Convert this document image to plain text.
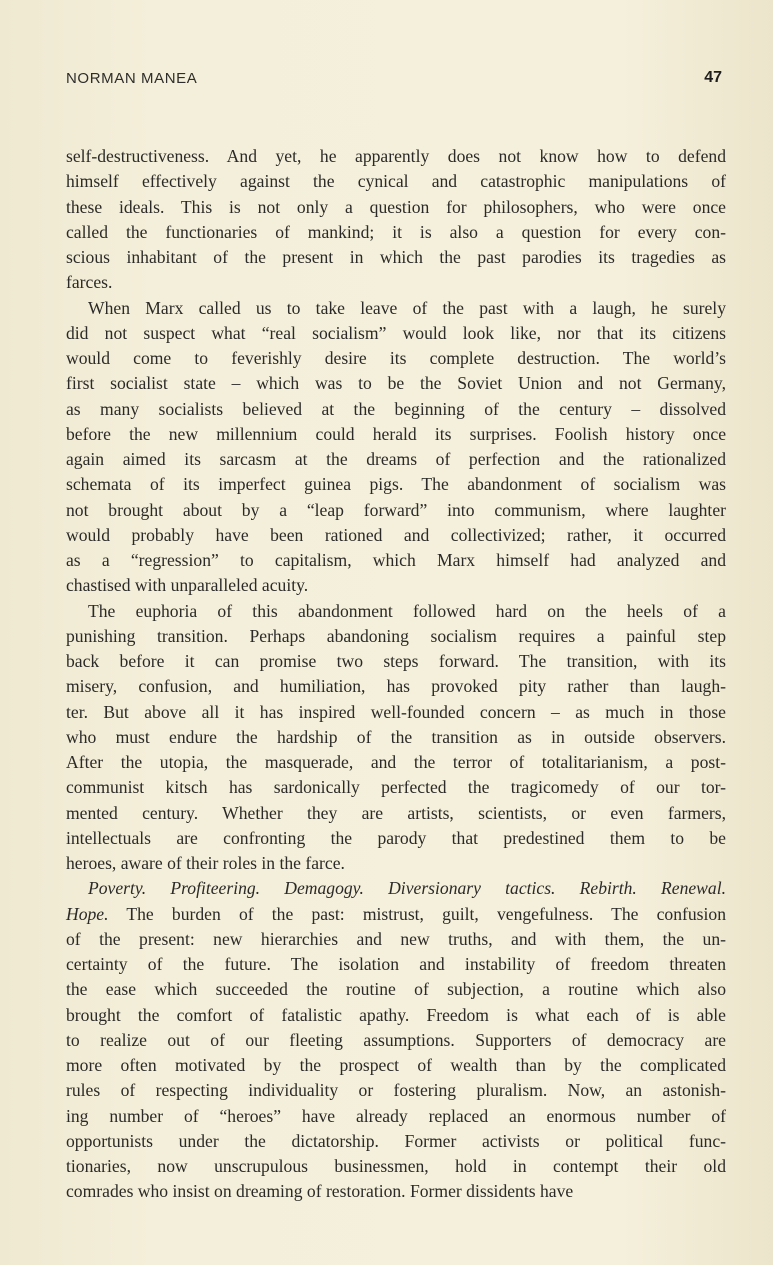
NORMAN MANEA	47
self-destructiveness. And yet, he apparently does not know how to defend
himself effectively against the cynical and catastrophic manipulations of
these ideals. This is not only a question for philosophers, who were once
called the functionaries of mankind; it is also a question for every con-
scious inhabitant of the present in which the past parodies its tragedies as
farces.
When Marx called us to take leave of the past with a laugh, he surely
did not suspect what “real socialism” would look like, nor that its citizens
would come to feverishly desire its complete destruction. The world’s
first socialist state – which was to be the Soviet Union and not Germany,
as many socialists believed at the beginning of the century – dissolved
before the new millennium could herald its surprises. Foolish history once
again aimed its sarcasm at the dreams of perfection and the rationalized
schemata of its imperfect guinea pigs. The abandonment of socialism was
not brought about by a “leap forward” into communism, where laughter
would probably have been rationed and collectivized; rather, it occurred
as a “regression” to capitalism, which Marx himself had analyzed and
chastised with unparalleled acuity.
The euphoria of this abandonment followed hard on the heels of a
punishing transition. Perhaps abandoning socialism requires a painful step
back before it can promise two steps forward. The transition, with its
misery, confusion, and humiliation, has provoked pity rather than laugh-
ter. But above all it has inspired well-founded concern – as much in those
who must endure the hardship of the transition as in outside observers.
After the utopia, the masquerade, and the terror of totalitarianism, a post-
communist kitsch has sardonically perfected the tragicomedy of our tor-
mented century. Whether they are artists, scientists, or even farmers,
intellectuals are confronting the parody that predestined them to be
heroes, aware of their roles in the farce.
Poverty. Profiteering. Demagogy. Diversionary tactics. Rebirth. Renewal.
Hope. The burden of the past: mistrust, guilt, vengefulness. The confusion
of the present: new hierarchies and new truths, and with them, the un-
certainty of the future. The isolation and instability of freedom threaten
the ease which succeeded the routine of subjection, a routine which also
brought the comfort of fatalistic apathy. Freedom is what each of is able
to realize out of our fleeting assumptions. Supporters of democracy are
more often motivated by the prospect of wealth than by the complicated
rules of respecting individuality or fostering pluralism. Now, an astonish-
ing number of “heroes” have already replaced an enormous number of
opportunists under the dictatorship. Former activists or political func-
tionaries, now unscrupulous businessmen, hold in contempt their old
comrades who insist on dreaming of restoration. Former dissidents have
